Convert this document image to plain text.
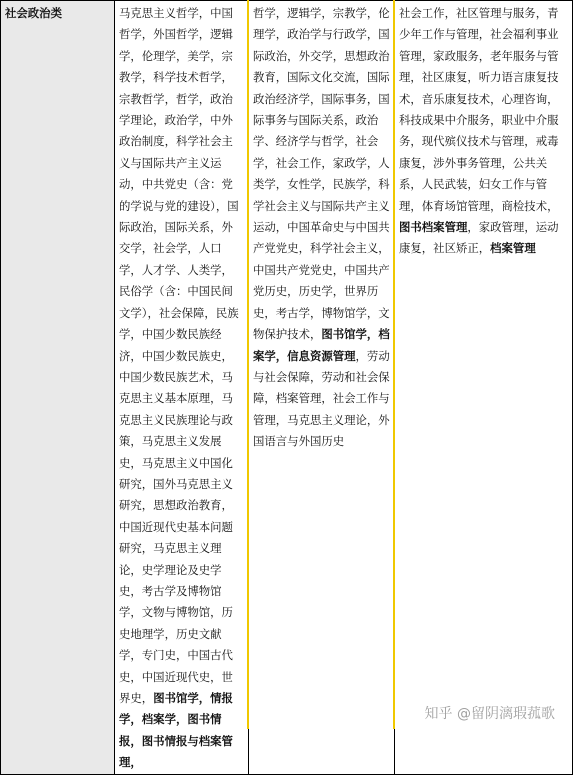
社会政治类	马克思主义哲学，中国哲学，外国哲学，逻辑学，伦理学，美学，宗教学，科学技术哲学，宗教哲学，哲学，政治学理论，政治学，中外政治制度，科学社会主义与国际共产主义运动，中共党史（含：党的学说与党的建设），国际政治，国际关系，外交学，社会学，人口学，人才学、人类学，民俗学（含：中国民间文学），社会保障，民族学，中国少数民族经济，中国少数民族史，中国少数民族艺术，马克思主义基本原理，马克思主义民族理论与政策，马克思主义发展史，马克思主义中国化研究，国外马克思主义研究，思想政治教育，中国近现代史基本问题研究，马克思主义理论，史学理论及史学史，考古学及博物馆学，文物与博物馆，历史地理学，历史文献学，专门史，中国古代史，中国近现代史，世界史，图书馆学，情报学，档案学，图书情报，图书情报与档案管理，	哲学，逻辑学，宗教学，伦理学，政治学与行政学，国际政治，外交学，思想政治教育，国际文化交流，国际政治经济学，国际事务，国际事务与国际关系，政治学、经济学与哲学，社会学，社会工作，家政学，人类学，女性学，民族学，科学社会主义与国际共产主义运动，中国革命史与中国共产党党史，科学社会主义，中国共产党党史，中国共产党历史，历史学，世界历史，考古学，博物馆学，文物保护技术，图书馆学，档案学，信息资源管理，劳动与社会保障，劳动和社会保障，档案管理，社会工作与管理，马克思主义理论，外国语言与外国历史	社会工作，社区管理与服务，青少年工作与管理，社会福利事业管理，家政服务，老年服务与管理，社区康复，听力语言康复技术，音乐康复技术，心理咨询，科技成果中介服务，职业中介服务，现代殡仪技术与管理，戒毒康复，涉外事务管理，公共关系，人民武装，妇女工作与管理，体育场馆管理，商检技术，图书档案管理，家政管理，运动康复，社区矫正，档案管理
知乎 @留阴漓瑕菰歌
